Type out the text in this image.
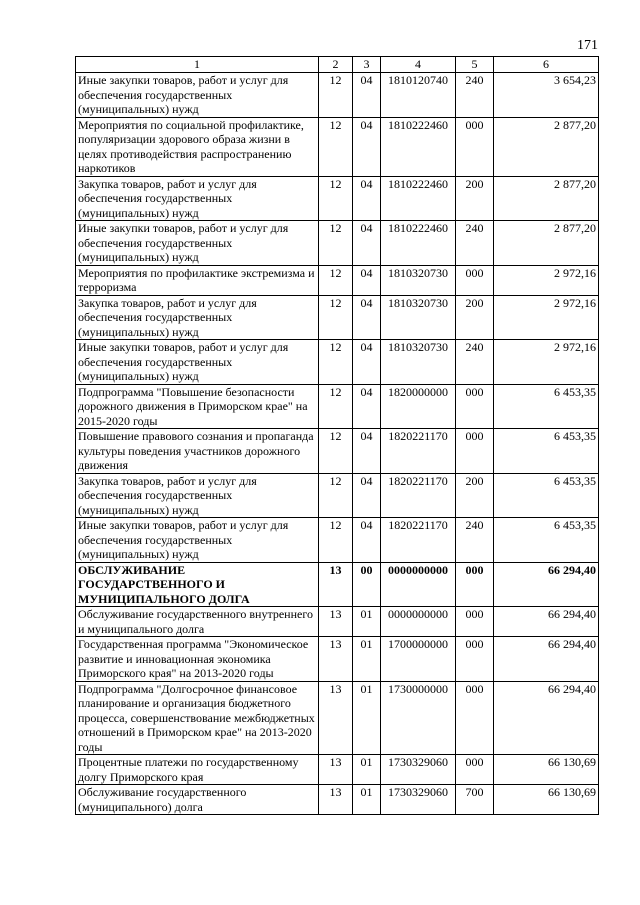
171
1	2	3	4	5	6
Иные закупки товаров, работ и услуг для обеспечения государственных (муниципальных) нужд	12	04	1810120740	240	3 654,23
Мероприятия по социальной профилактике, популяризации здорового образа жизни в целях противодействия распространению наркотиков	12	04	1810222460	000	2 877,20
Закупка товаров, работ и услуг для обеспечения государственных (муниципальных) нужд	12	04	1810222460	200	2 877,20
Иные закупки товаров, работ и услуг для обеспечения государственных (муниципальных) нужд	12	04	1810222460	240	2 877,20
Мероприятия по профилактике экстремизма и терроризма	12	04	1810320730	000	2 972,16
Закупка товаров, работ и услуг для обеспечения государственных (муниципальных) нужд	12	04	1810320730	200	2 972,16
Иные закупки товаров, работ и услуг для обеспечения государственных (муниципальных) нужд	12	04	1810320730	240	2 972,16
Подпрограмма "Повышение безопасности дорожного движения в Приморском крае" на 2015-2020 годы	12	04	1820000000	000	6 453,35
Повышение правового сознания и пропаганда культуры поведения участников дорожного движения	12	04	1820221170	000	6 453,35
Закупка товаров, работ и услуг для обеспечения государственных (муниципальных) нужд	12	04	1820221170	200	6 453,35
Иные закупки товаров, работ и услуг для обеспечения государственных (муниципальных) нужд	12	04	1820221170	240	6 453,35
ОБСЛУЖИВАНИЕ ГОСУДАРСТВЕННОГО И МУНИЦИПАЛЬНОГО ДОЛГА	13	00	0000000000	000	66 294,40
Обслуживание государственного внутреннего и муниципального долга	13	01	0000000000	000	66 294,40
Государственная программа "Экономическое развитие и инновационная экономика Приморского края" на 2013-2020 годы	13	01	1700000000	000	66 294,40
Подпрограмма "Долгосрочное финансовое планирование и организация бюджетного процесса, совершенствование межбюджетных отношений в Приморском крае" на 2013-2020 годы	13	01	1730000000	000	66 294,40
Процентные платежи по государственному долгу Приморского края	13	01	1730329060	000	66 130,69
Обслуживание государственного (муниципального) долга	13	01	1730329060	700	66 130,69
